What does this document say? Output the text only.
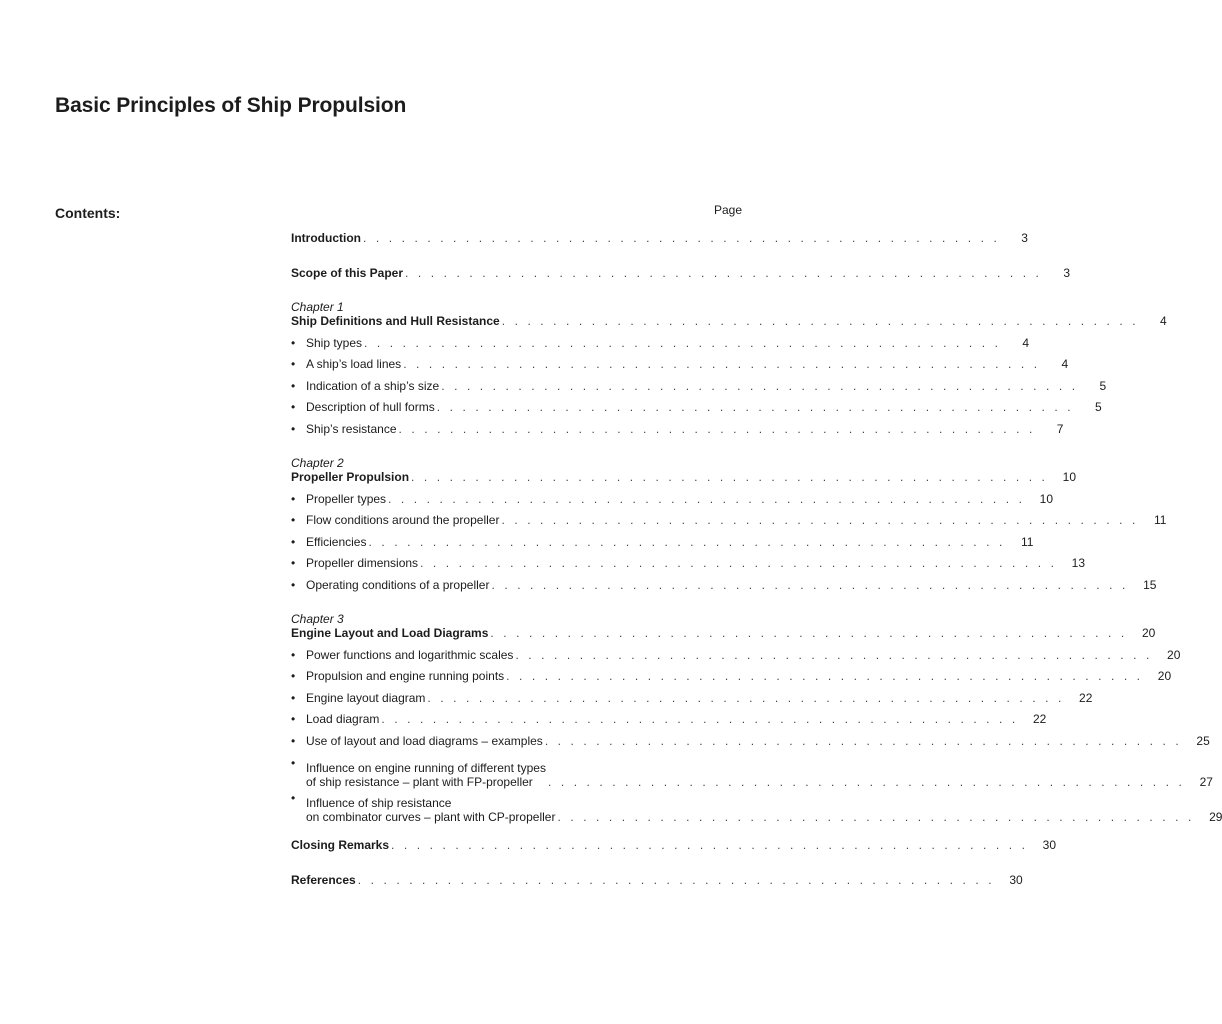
Basic Principles of Ship Propulsion
Contents:	Page
Introduction . . . . . . . . . . . . . . . . . . . . . . . . . . . . . . . . . . . . . . . . . . . . . . . . . .	3
Scope of this Paper . . . . . . . . . . . . . . . . . . . . . . . . . . . . . . . . . . . . . . . . . . . . . . . . . .	3
Chapter 1
Ship Definitions and Hull Resistance . . . . . . . . . . . . . . . . . . . . . . . . . . . . . . . . . . . . . . . . . . . . . . . . . .	4
• Ship types . . . . . . . . . . . . . . . . . . . . . . . . . . . . . . . . . . . . . . . . . . . . . . . . . .	4
• A ship’s load lines . . . . . . . . . . . . . . . . . . . . . . . . . . . . . . . . . . . . . . . . . . . . . . . . . .	4
• Indication of a ship’s size . . . . . . . . . . . . . . . . . . . . . . . . . . . . . . . . . . . . . . . . . . . . . . . . . .	5
• Description of hull forms . . . . . . . . . . . . . . . . . . . . . . . . . . . . . . . . . . . . . . . . . . . . . . . . . .	5
• Ship’s resistance . . . . . . . . . . . . . . . . . . . . . . . . . . . . . . . . . . . . . . . . . . . . . . . . . .	7
Chapter 2
Propeller Propulsion . . . . . . . . . . . . . . . . . . . . . . . . . . . . . . . . . . . . . . . . . . . . . . . . . .	10
• Propeller types . . . . . . . . . . . . . . . . . . . . . . . . . . . . . . . . . . . . . . . . . . . . . . . . . .	10
• Flow conditions around the propeller . . . . . . . . . . . . . . . . . . . . . . . . . . . . . . . . . . . . . . . . . . . . . . . . . .	11
• Efficiencies . . . . . . . . . . . . . . . . . . . . . . . . . . . . . . . . . . . . . . . . . . . . . . . . . .	11
• Propeller dimensions . . . . . . . . . . . . . . . . . . . . . . . . . . . . . . . . . . . . . . . . . . . . . . . . . .	13
• Operating conditions of a propeller . . . . . . . . . . . . . . . . . . . . . . . . . . . . . . . . . . . . . . . . . . . . . . . . . .	15
Chapter 3
Engine Layout and Load Diagrams . . . . . . . . . . . . . . . . . . . . . . . . . . . . . . . . . . . . . . . . . . . . . . . . . .	20
• Power functions and logarithmic scales . . . . . . . . . . . . . . . . . . . . . . . . . . . . . . . . . . . . . . . . . . . . . . . . . .	20
• Propulsion and engine running points . . . . . . . . . . . . . . . . . . . . . . . . . . . . . . . . . . . . . . . . . . . . . . . . . .	20
• Engine layout diagram . . . . . . . . . . . . . . . . . . . . . . . . . . . . . . . . . . . . . . . . . . . . . . . . . .	22
• Load diagram . . . . . . . . . . . . . . . . . . . . . . . . . . . . . . . . . . . . . . . . . . . . . . . . . .	22
• Use of layout and load diagrams – examples . . . . . . . . . . . . . . . . . . . . . . . . . . . . . . . . . . . . . . . . . . . . . . . . . .	25
• Influence on engine running of different types
of ship resistance – plant with FP-propeller	. . . . . . . . . . . . . . . . . . . . . . . . . . . . . . . . . . . . . . . . . . . . . . . . . .	27
• Influence of ship resistance
on combinator curves – plant with CP-propeller . . . . . . . . . . . . . . . . . . . . . . . . . . . . . . . . . . . . . . . . . . . . . . . . . .	29
Closing Remarks . . . . . . . . . . . . . . . . . . . . . . . . . . . . . . . . . . . . . . . . . . . . . . . . . .	30
References . . . . . . . . . . . . . . . . . . . . . . . . . . . . . . . . . . . . . . . . . . . . . . . . . .	30
